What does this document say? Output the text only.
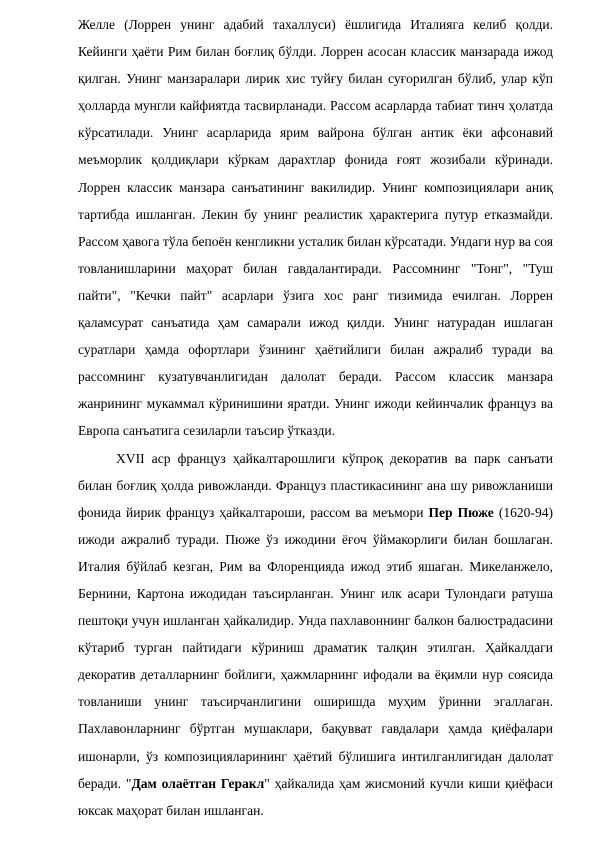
Желле (Лоррен унинг адабий тахаллуси) ёшлигида Италияга келиб қолди. Кейинги ҳаёти Рим билан боғлиқ бўлди. Лоррен асосан классик манзарада ижод қилган. Унинг манзаралари лирик хис туйғу билан суғорилган бўлиб, улар кўп ҳолларда мунгли кайфиятда тасвирланади. Рассом асарларда табиат тинч ҳолатда кўрсатилади. Унинг асарларида ярим вайрона бўлган антик ёки афсонавий меъморлик қолдиқлари кўркам дарахтлар фонида ғоят жозибали кўринади. Лоррен классик манзара санъатининг вакилидир. Унинг композициялари аниқ тартибда ишланган. Лекин бу унинг реалистик ҳарактерига путур етказмайди. Рассом ҳавога тўла бепоён кенгликни усталик билан кўрсатади. Ундаги нур ва соя товланишларини маҳорат билан гавдалантиради. Рассомнинг "Тонг", "Туш пайти", "Кечки пайт" асарлари ўзига хос ранг тизимида ечилган. Лоррен қаламсурат санъатида ҳам самарали ижод қилди. Унинг натурадан ишлаган суратлари ҳамда офортлари ўзининг ҳаётийлиги билан ажралиб туради ва рассомнинг кузатувчанлигидан далолат беради. Рассом классик манзара жанрининг мукаммал кўринишини яратди. Унинг ижоди кейинчалик француз ва Европа санъатига сезиларли таъсир ўтказди.

XVII аср француз ҳайкалтарошлиги кўпроқ декоратив ва парк санъати билан боғлиқ ҳолда ривожланди. Француз пластикасининг ана шу ривожланиши фонида йирик француз ҳайкалтароши, рассом ва меъмори Пер Пюже (1620-94) ижоди ажралиб туради. Пюже ўз ижодини ёғоч ўймакорлиги билан бошлаган. Италия бўйлаб кезган, Рим ва Флоренцияда ижод этиб яшаган. Микеланжело, Бернини, Картона ижодидан таъсирланган. Унинг илк асари Тулондаги ратуша пештоқи учун ишланган ҳайкалидир. Унда пахлавоннинг балкон балюстрадасини кўтариб турган пайтидаги кўриниш драматик талқин этилган. Ҳайкалдаги декоратив деталларнинг бойлиги, ҳажмларнинг ифодали ва ёқимли нур соясида товланиши унинг таъсирчанлигини оширишда муҳим ўринни эгаллаган. Пахлавонларнинг бўртган мушаклари, бақувват гавдалари ҳамда қиёфалари ишонарли, ўз композицияларининг ҳаётий бўлишига интилганлигидан далолат беради. "Дам олаётган Геракл" ҳайкалида ҳам жисмоний кучли киши қиёфаси юксак маҳорат билан ишланган.
